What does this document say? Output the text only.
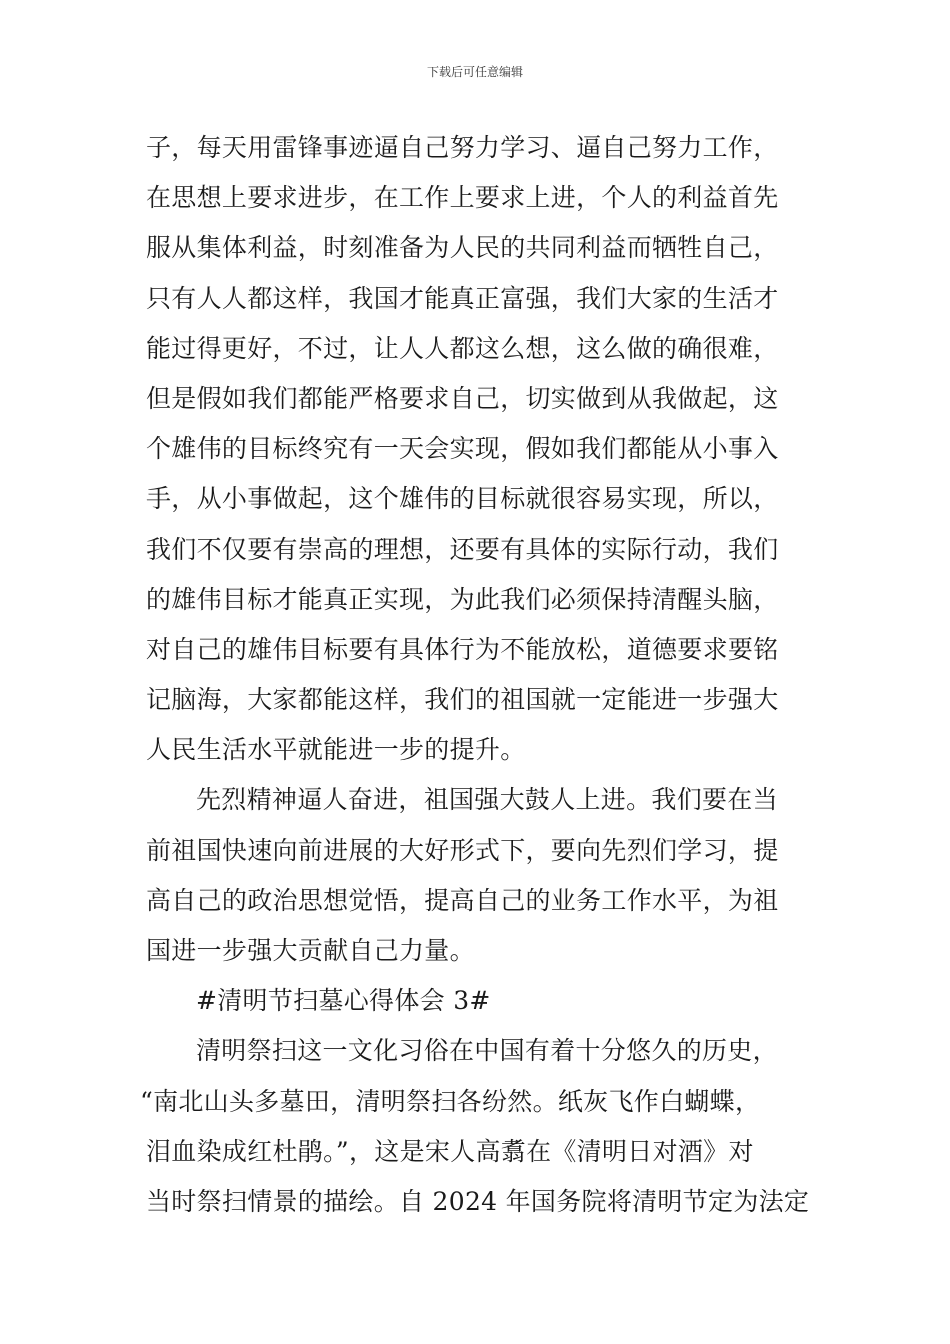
下载后可任意编辑
子，每天用雷锋事迹逼自己努力学习、逼自己努力工作，
在思想上要求进步，在工作上要求上进，个人的利益首先
服从集体利益，时刻准备为人民的共同利益而牺牲自己，
只有人人都这样，我国才能真正富强，我们大家的生活才
能过得更好，不过，让人人都这么想，这么做的确很难，
但是假如我们都能严格要求自己，切实做到从我做起，这
个雄伟的目标终究有一天会实现，假如我们都能从小事入
手，从小事做起，这个雄伟的目标就很容易实现，所以，
我们不仅要有崇高的理想，还要有具体的实际行动，我们
的雄伟目标才能真正实现，为此我们必须保持清醒头脑，
对自己的雄伟目标要有具体行为不能放松，道德要求要铭
记脑海，大家都能这样，我们的祖国就一定能进一步强大
人民生活水平就能进一步的提升。
先烈精神逼人奋进，祖国强大鼓人上进。我们要在当
前祖国快速向前进展的大好形式下，要向先烈们学习，提
高自己的政治思想觉悟，提高自己的业务工作水平，为祖
国进一步强大贡献自己力量。
#清明节扫墓心得体会 3#
清明祭扫这一文化习俗在中国有着十分悠久的历史，
“南北山头多墓田，清明祭扫各纷然。纸灰飞作白蝴蝶，
泪血染成红杜鹃。”，这是宋人高翥在《清明日对酒》对
当时祭扫情景的描绘。自 2024 年国务院将清明节定为法定
